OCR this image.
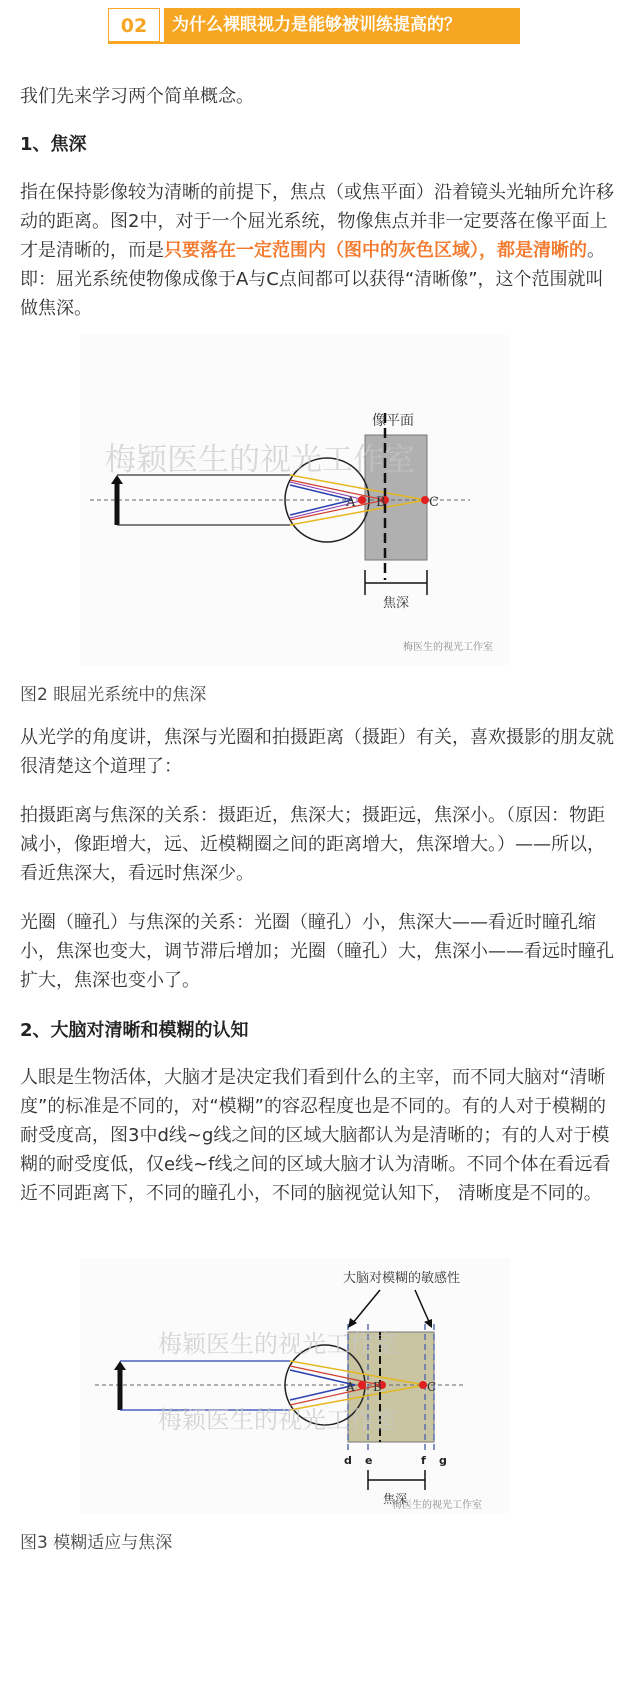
02	为什么裸眼视力是能够被训练提高的？

我们先来学习两个简单概念。

1、焦深

指在保持影像较为清晰的前提下，焦点（或焦平面）沿着镜头光轴所允许移动的距离。图2中，对于一个屈光系统，物像焦点并非一定要落在像平面上才是清晰的，而是只要落在一定范围内（图中的灰色区域），都是清晰的。即：屈光系统使物像成像于A与C点间都可以获得“清晰像”，这个范围就叫做焦深。

A B	C
像平面
梅颖医生的视光工作室
焦深
梅医生的视光工作室
图2 眼屈光系统中的焦深

从光学的角度讲，焦深与光圈和拍摄距离（摄距）有关，喜欢摄影的朋友就很清楚这个道理了：

拍摄距离与焦深的关系：摄距近，焦深大；摄距远，焦深小。（原因：物距减小，像距增大，远、近模糊圈之间的距离增大，焦深增大。）——所以，看近焦深大，看远时焦深少。

光圈（瞳孔）与焦深的关系：光圈（瞳孔）小，焦深大——看近时瞳孔缩小，焦深也变大，调节滞后增加；光圈（瞳孔）大，焦深小——看远时瞳孔扩大，焦深也变小了。

2、大脑对清晰和模糊的认知

人眼是生物活体，大脑才是决定我们看到什么的主宰，而不同大脑对“清晰度”的标准是不同的，对“模糊”的容忍程度也是不同的。有的人对于模糊的耐受度高，图3中d线~g线之间的区域大脑都认为是清晰的；有的人对于模糊的耐受度低，仅e线~f线之间的区域大脑才认为清晰。不同个体在看远看近不同距离下，不同的瞳孔小，不同的脑视觉认知下， 清晰度是不同的。

A B	C
大脑对模糊的敏感性
梅颖医生的视光工作室
梅颖医生的视光工作室
d e	f g
焦深
梅医生的视光工作室
图3 模糊适应与焦深
